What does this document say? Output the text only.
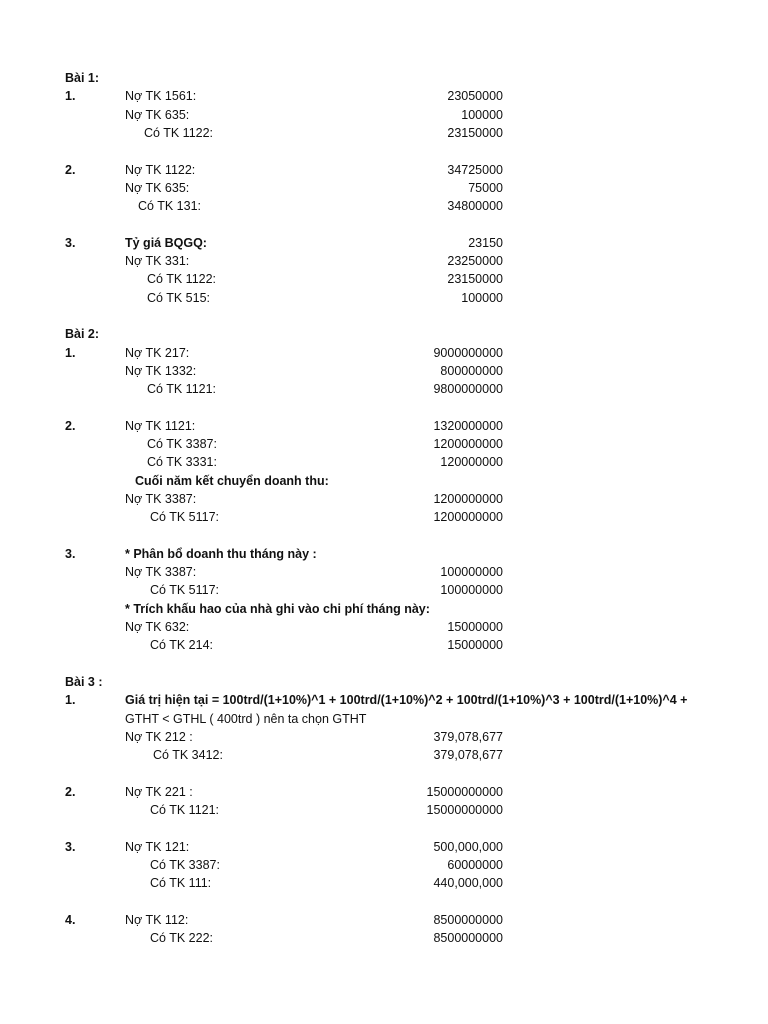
Bài 1:
1.	Nợ TK 1561:	23050000
Nợ TK 635:	100000
Có TK 1122:	23150000
2.	Nợ TK 1122:	34725000
Nợ TK 635:	75000
Có TK 131:	34800000
3.	Tỷ giá BQGQ:	23150
Nợ TK 331:	23250000
Có TK 1122:	23150000
Có TK 515:	100000
Bài 2:
1.	Nợ TK 217:	9000000000
Nợ TK 1332:	800000000
Có TK 1121:	9800000000
2.	Nợ TK 1121:	1320000000
Có TK 3387:	1200000000
Có TK 3331:	120000000
Cuối năm kết chuyển doanh thu:
Nợ TK 3387:	1200000000
Có TK 5117:	1200000000
3.	* Phân bổ doanh thu tháng này :
Nợ TK 3387:	100000000
Có TK 5117:	100000000
* Trích khấu hao của nhà ghi vào chi phí tháng này:
Nợ TK 632:	15000000
Có TK 214:	15000000
Bài 3 :
1.	Giá trị hiện tại = 100trd/(1+10%)^1 + 100trd/(1+10%)^2 + 100trd/(1+10%)^3 + 100trd/(1+10%)^4 +
GTHT < GTHL ( 400trd ) nên ta chọn GTHT
Nợ TK 212 :	379,078,677
Có TK 3412:	379,078,677
2.	Nợ TK 221 :	15000000000
Có TK 1121:	15000000000
3.	Nợ TK 121:	500,000,000
Có TK 3387:	60000000
Có TK 111:	440,000,000
4.	Nợ TK 112:	8500000000
Có TK 222:	8500000000
